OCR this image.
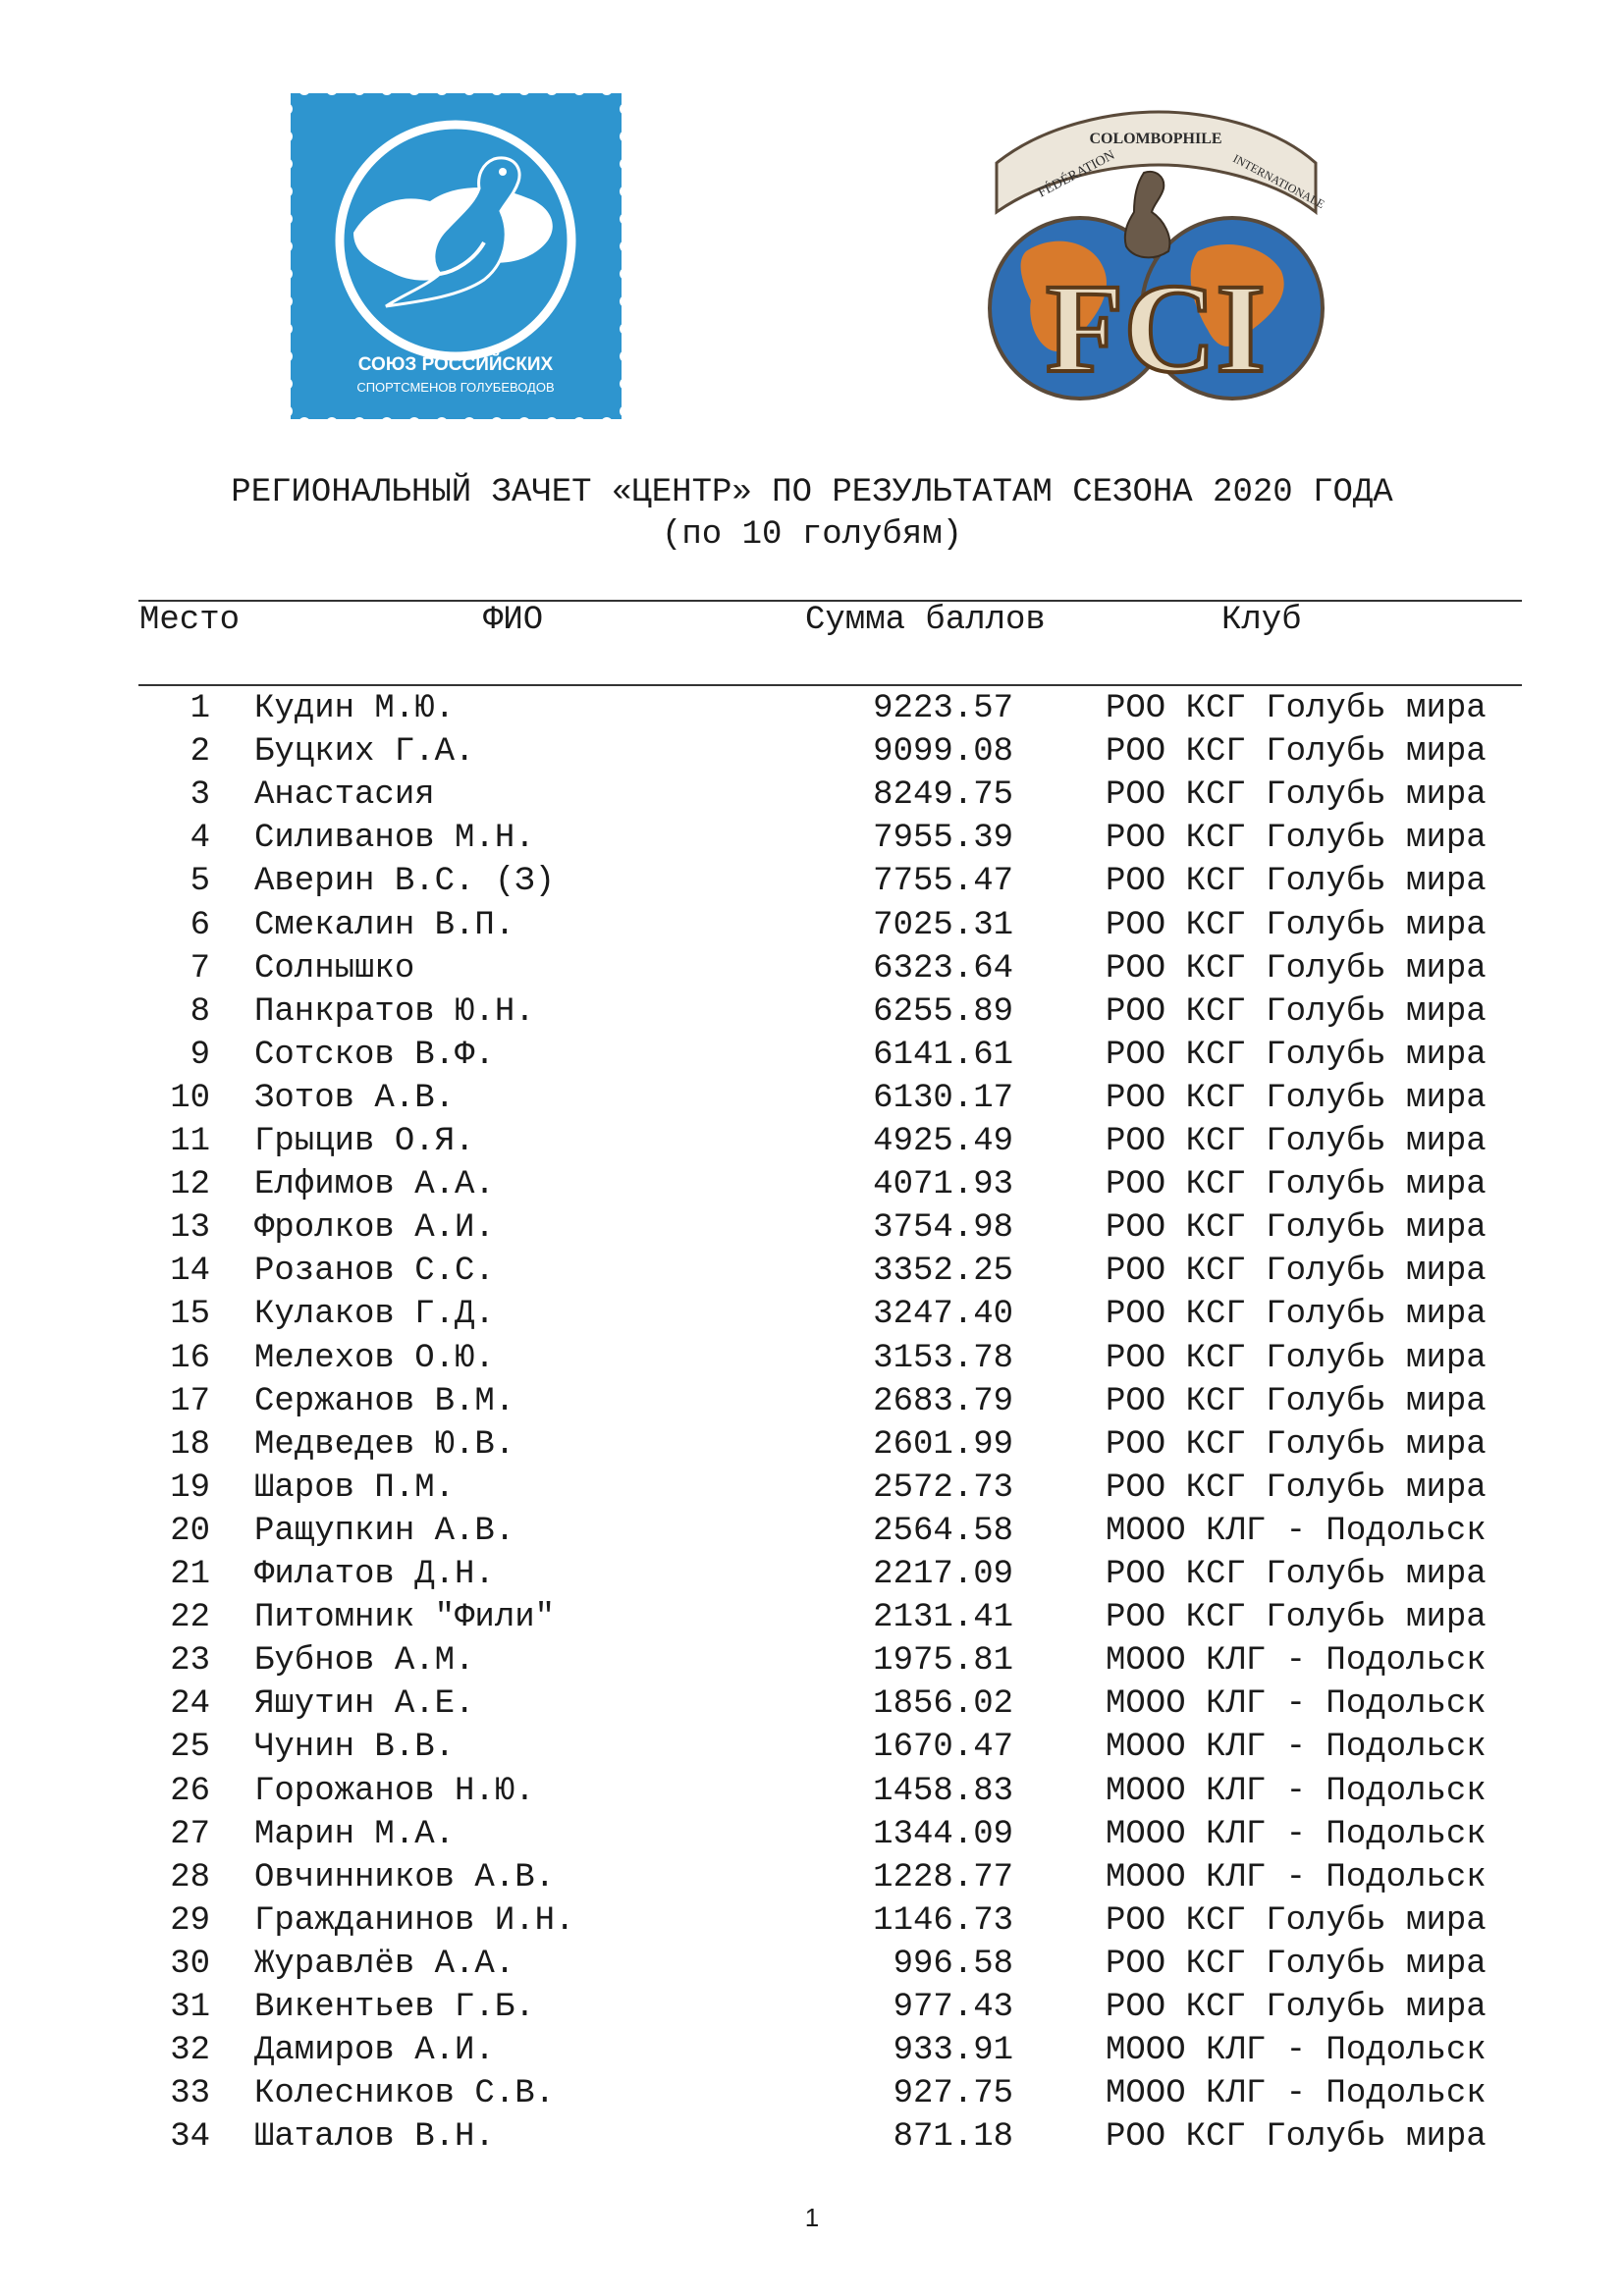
СОЮЗ РОССИЙСКИХ
СПОРТСМЕНОВ ГОЛУБЕВОДОВ
FÉDÉRATION
COLOMBOPHILE
INTERNATIONALE
FCI
РЕГИОНАЛЬНЫЙ ЗАЧЕТ «ЦЕНТР» ПО РЕЗУЛЬТАТАМ СЕЗОНА 2020 ГОДА
(по 10 голубям)
Место	ФИО	Сумма баллов	Клуб
1 Кудин М.Ю.	9223.57	РОО КСГ Голубь мира
2 Буцких Г.А.	9099.08	РОО КСГ Голубь мира
3 Анастасия	8249.75	РОО КСГ Голубь мира
4 Силиванов М.Н.	7955.39	РОО КСГ Голубь мира
5 Аверин В.С. (З)	7755.47	РОО КСГ Голубь мира
6 Смекалин В.П.	7025.31	РОО КСГ Голубь мира
7 Солнышко	6323.64	РОО КСГ Голубь мира
8 Панкратов Ю.Н.	6255.89	РОО КСГ Голубь мира
9 Сотсков В.Ф.	6141.61	РОО КСГ Голубь мира
10 Зотов А.В.	6130.17	РОО КСГ Голубь мира
11 Грыцив О.Я.	4925.49	РОО КСГ Голубь мира
12 Елфимов А.А.	4071.93	РОО КСГ Голубь мира
13 Фролков А.И.	3754.98	РОО КСГ Голубь мира
14 Розанов С.С.	3352.25	РОО КСГ Голубь мира
15 Кулаков Г.Д.	3247.40	РОО КСГ Голубь мира
16 Мелехов О.Ю.	3153.78	РОО КСГ Голубь мира
17 Сержанов В.М.	2683.79	РОО КСГ Голубь мира
18 Медведев Ю.В.	2601.99	РОО КСГ Голубь мира
19 Шаров П.М.	2572.73	РОО КСГ Голубь мира
20 Ращупкин А.В.	2564.58	МООО КЛГ - Подольск
21 Филатов Д.Н.	2217.09	РОО КСГ Голубь мира
22 Питомник "Фили"	2131.41	РОО КСГ Голубь мира
23 Бубнов А.М.	1975.81	МООО КЛГ - Подольск
24 Яшутин А.Е.	1856.02	МООО КЛГ - Подольск
25 Чунин В.В.	1670.47	МООО КЛГ - Подольск
26 Горожанов Н.Ю.	1458.83	МООО КЛГ - Подольск
27 Марин М.А.	1344.09	МООО КЛГ - Подольск
28 Овчинников А.В.	1228.77	МООО КЛГ - Подольск
29 Гражданинов И.Н.	1146.73	РОО КСГ Голубь мира
30 Журавлёв А.А.	996.58	РОО КСГ Голубь мира
31 Викентьев Г.Б.	977.43	РОО КСГ Голубь мира
32 Дамиров А.И.	933.91	МООО КЛГ - Подольск
33 Колесников С.В.	927.75	МООО КЛГ - Подольск
34 Шаталов В.Н.	871.18	РОО КСГ Голубь мира
1
